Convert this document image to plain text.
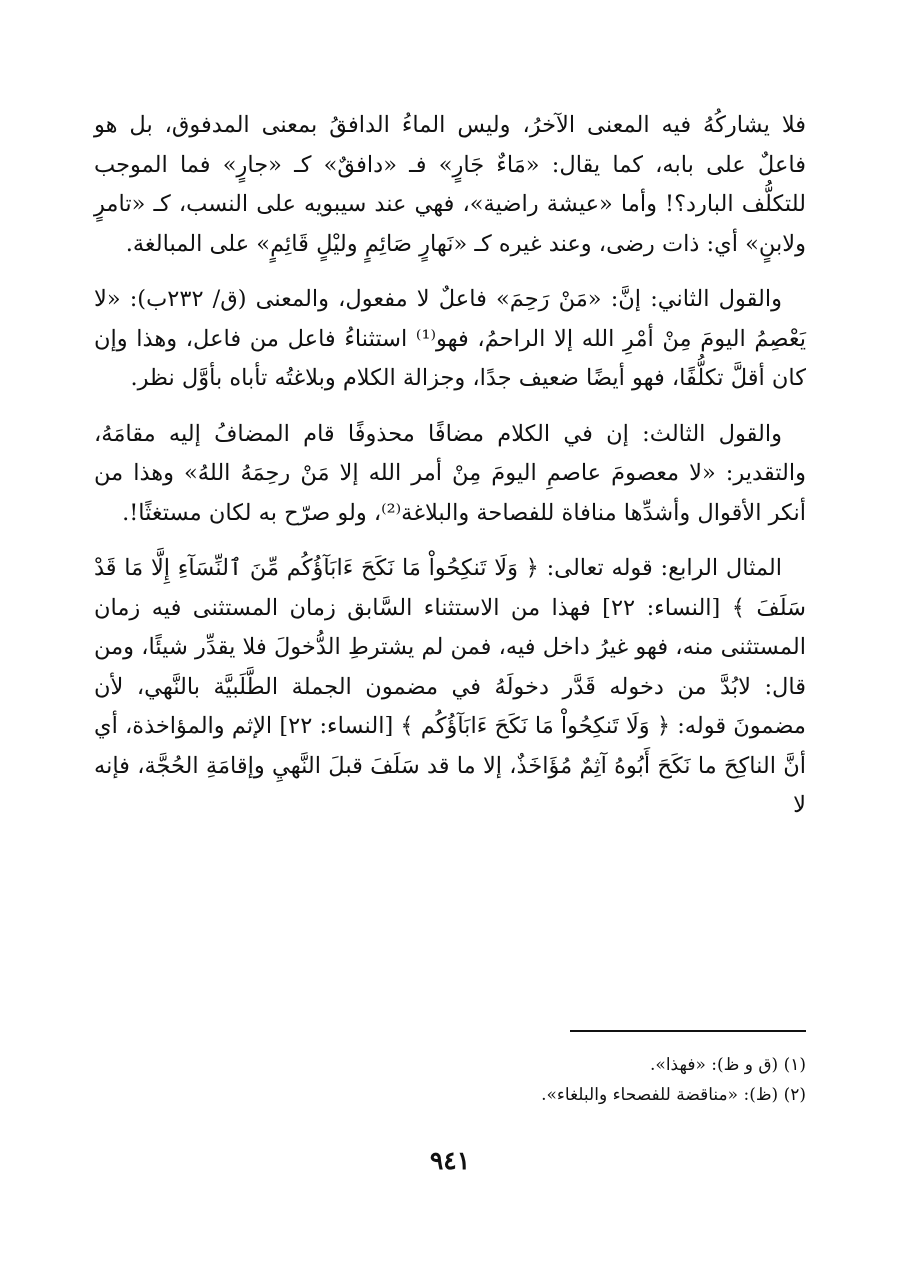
فلا يشاركُهُ فيه المعنى الآخرُ، وليس الماءُ الدافقُ بمعنى المدفوق، بل هو فاعلٌ على بابه، كما يقال: «مَاءٌ جَارٍ» فـ «دافقٌ» كـ «جارٍ» فما الموجب للتكلُّف البارد؟! وأما «عيشة راضية»، فهي عند سيبويه على النسب، كـ «تامرٍ ولابنٍ» أي: ذات رضى، وعند غيره كـ «نَهارٍ صَائِمٍ وليْلٍ قَائِمٍ» على المبالغة.

والقول الثاني: إنَّ: «مَنْ رَحِمَ» فاعلٌ لا مفعول، والمعنى (ق/ ٢٣٢ب): «لا يَعْصِمُ اليومَ مِنْ أمْرِ الله إلا الراحمُ، فهو⁽¹⁾ استثناءُ فاعل من فاعل، وهذا وإن كان أقلَّ تكلُّفًا، فهو أيضًا ضعيف جدًا، وجزالة الكلام وبلاغتُه تأباه بأوَّل نظر.

والقول الثالث: إن في الكلام مضافًا محذوفًا قام المضافُ إليه مقامَهُ، والتقدير: «لا معصومَ عاصمِ اليومَ مِنْ أمر الله إلا مَنْ رحِمَهُ اللهُ» وهذا من أنكر الأقوال وأشدِّها منافاة للفصاحة والبلاغة⁽²⁾، ولو صرّح به لكان مستغثًا!.

المثال الرابع: قوله تعالى: ﴿ وَلَا تَنكِحُواْ مَا نَكَحَ ءَابَآؤُكُم مِّنَ ٱلنِّسَآءِ إِلَّا مَا قَدْ سَلَفَ ﴾ [النساء: ٢٢] فهذا من الاستثناء السَّابق زمان المستثنى فيه زمان المستثنى منه، فهو غيرُ داخل فيه، فمن لم يشترطِ الدُّخولَ فلا يقدِّر شيئًا، ومن قال: لابُدَّ من دخوله قَدَّر دخولَهُ في مضمون الجملة الطَّلَبيَّة بالنَّهي، لأن مضمونَ قوله: ﴿ وَلَا تَنكِحُواْ مَا نَكَحَ ءَابَآؤُكُم ﴾ [النساء: ٢٢] الإثم والمؤاخذة، أي أنَّ الناكِحَ ما نَكَحَ أَبُوهُ آثِمٌ مُؤَاخَذٌ، إلا ما قد سَلَفَ قبلَ النَّهيِ وإقامَةِ الحُجَّة، فإنه لا

(١) (ق و ظ): «فهذا».

(٢) (ظ): «مناقضة للفصحاء والبلغاء».

٩٤١
